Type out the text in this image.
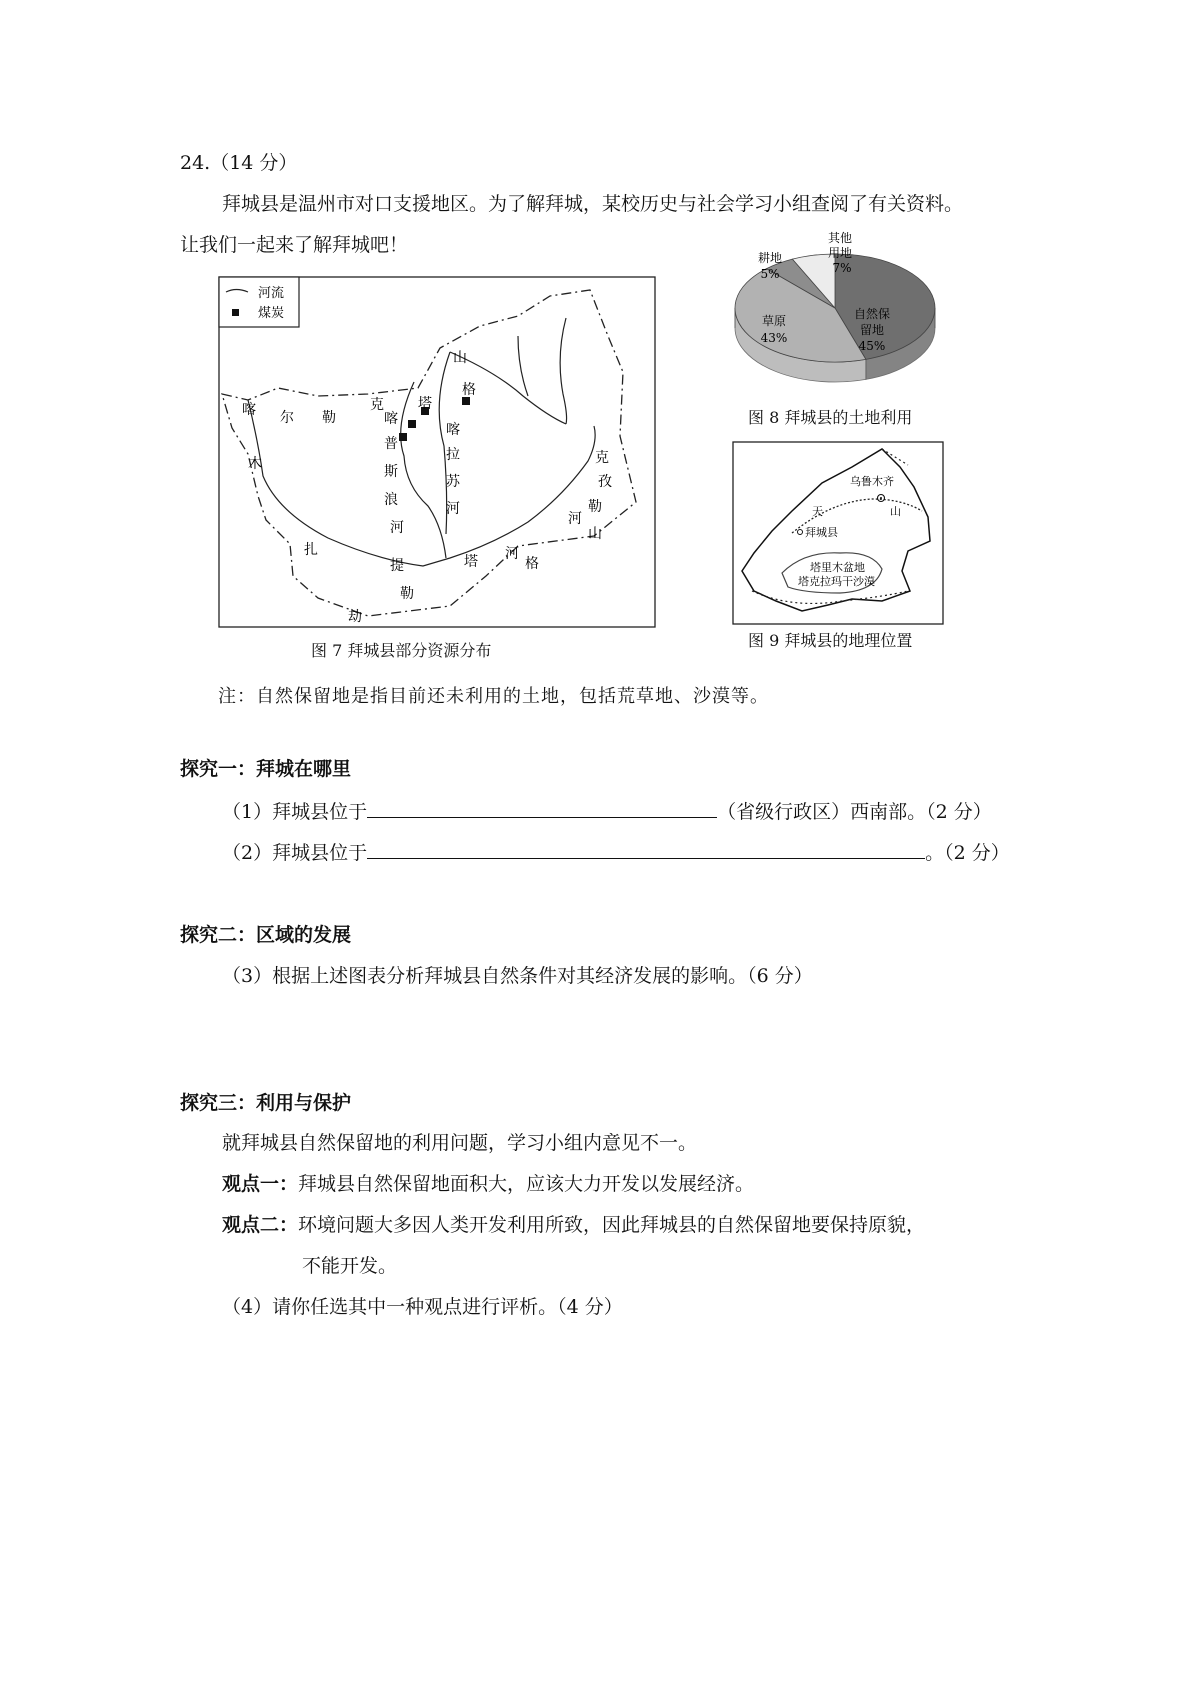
24.（14 分）
拜城县是温州市对口支援地区。为了解拜城，某校历史与社会学习小组查阅了有关资料。
让我们一起来了解拜城吧！
河流
煤炭
喀 尔 勒
克 塔
木
扎
提	塔
勒
劫
河
格
喀
普
斯
浪
河
喀
拉
苏
河
山
格
克
孜
勒
河
山
图 7 拜城县部分资源分布
其他
用地
7%
耕地
5%
草原
43%
自然保
留地
45%
图 8 拜城县的土地利用
乌鲁木齐
天	山
拜城县
塔里木盆地
塔克拉玛干沙漠
图 9 拜城县的地理位置
注：自然保留地是指目前还未利用的土地，包括荒草地、沙漠等。
探究一：拜城在哪里
（1）拜城县位于	（省级行政区）西南部。（2 分）
（2）拜城县位于	。（2 分）
探究二：区域的发展
（3）根据上述图表分析拜城县自然条件对其经济发展的影响。（6 分）
探究三：利用与保护
就拜城县自然保留地的利用问题，学习小组内意见不一。
观点一：拜城县自然保留地面积大，应该大力开发以发展经济。
观点二：环境问题大多因人类开发利用所致，因此拜城县的自然保留地要保持原貌，
不能开发。
（4）请你任选其中一种观点进行评析。（4 分）
